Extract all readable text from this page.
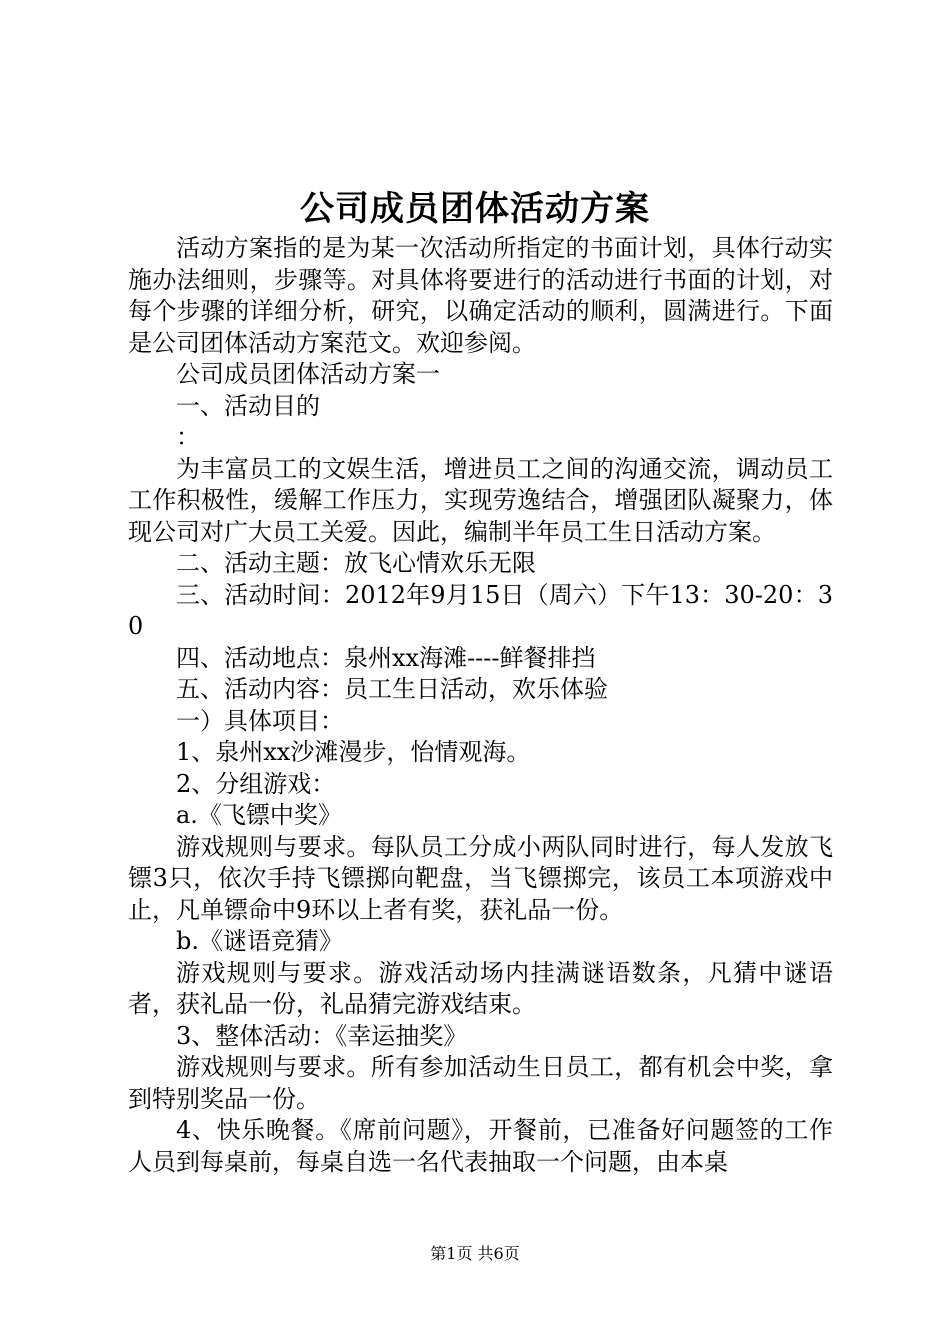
公司成员团体活动方案

活动方案指的是为某一次活动所指定的书面计划，具体行动实施办法细则，步骤等。对具体将要进行的活动进行书面的计划，对每个步骤的详细分析，研究，以确定活动的顺利，圆满进行。下面是公司团体活动方案范文。欢迎参阅。

公司成员团体活动方案一

一、活动目的

：

为丰富员工的文娱生活，增进员工之间的沟通交流，调动员工工作积极性，缓解工作压力，实现劳逸结合，增强团队凝聚力，体现公司对广大员工关爱。因此，编制半年员工生日活动方案。

二、活动主题：放飞心情欢乐无限

三、活动时间：2012年9月15日（周六）下午13：30-20：30

四、活动地点：泉州xx海滩----鲜餐排挡

五、活动内容：员工生日活动，欢乐体验

一）具体项目：

1、泉州xx沙滩漫步，怡情观海。

2、分组游戏：

a.《飞镖中奖》

游戏规则与要求。每队员工分成小两队同时进行，每人发放飞镖3只，依次手持飞镖掷向靶盘，当飞镖掷完，该员工本项游戏中止，凡单镖命中9环以上者有奖，获礼品一份。

b.《谜语竞猜》

游戏规则与要求。游戏活动场内挂满谜语数条，凡猜中谜语者，获礼品一份，礼品猜完游戏结束。

3、整体活动：《幸运抽奖》

游戏规则与要求。所有参加活动生日员工，都有机会中奖，拿到特别奖品一份。

4、快乐晚餐。《席前问题》，开餐前，已准备好问题签的工作人员到每桌前，每桌自选一名代表抽取一个问题，由本桌

第1页 共6页
